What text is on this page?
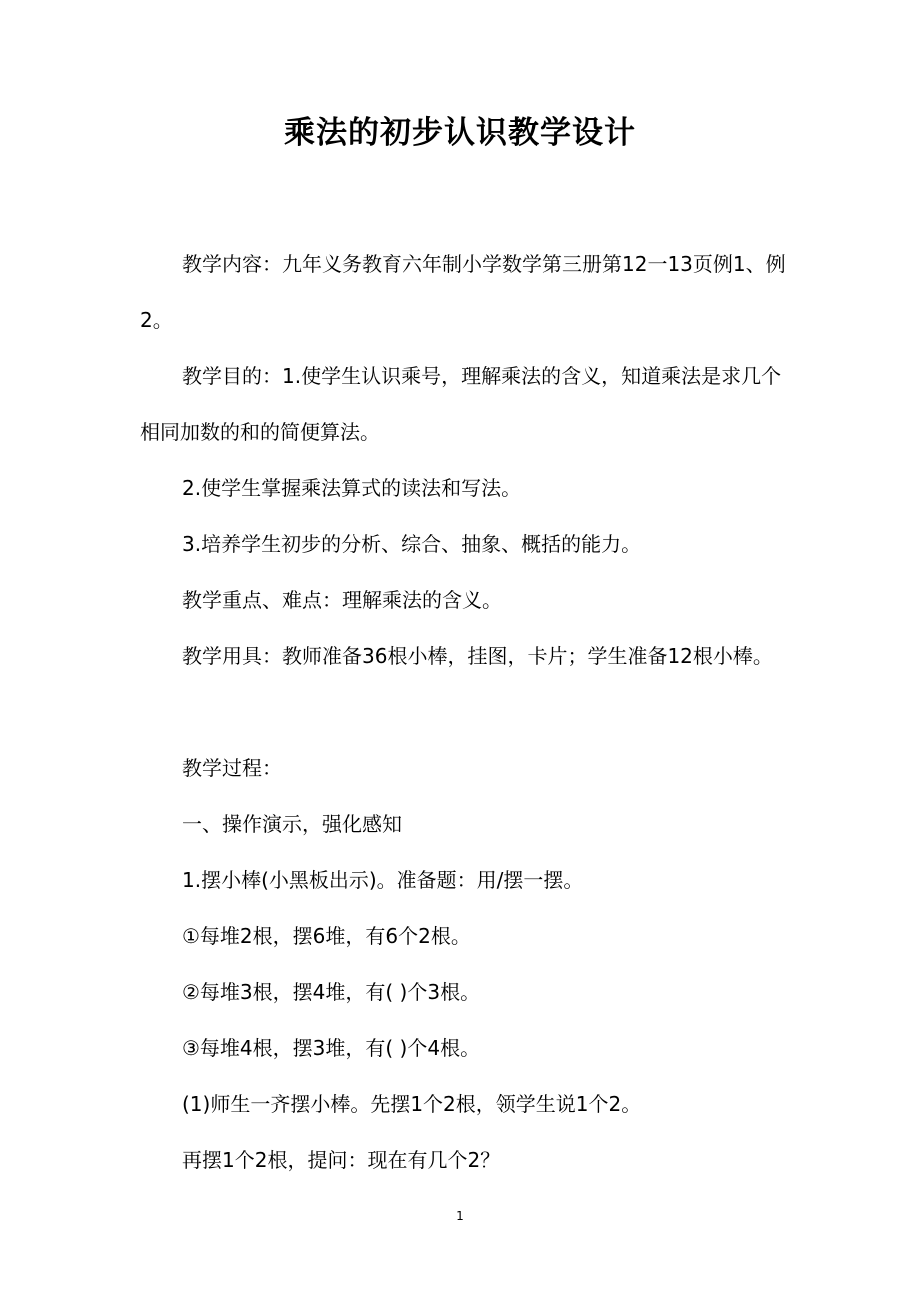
乘法的初步认识教学设计

教学内容：九年义务教育六年制小学数学第三册第12一13页例1、例2。

教学目的：1.使学生认识乘号，理解乘法的含义，知道乘法是求几个相同加数的和的简便算法。

2.使学生掌握乘法算式的读法和写法。

3.培养学生初步的分析、综合、抽象、概括的能力。

教学重点、难点：理解乘法的含义。

教学用具：教师准备36根小棒，挂图，卡片；学生准备12根小棒。

教学过程：

一、操作演示，强化感知

1.摆小棒(小黑板出示)。准备题：用/摆一摆。

①每堆2根，摆6堆，有6个2根。

②每堆3根，摆4堆，有( )个3根。

③每堆4根，摆3堆，有( )个4根。

(1)师生一齐摆小棒。先摆1个2根，领学生说1个2。

再摆1个2根，提问：现在有几个2？

1
